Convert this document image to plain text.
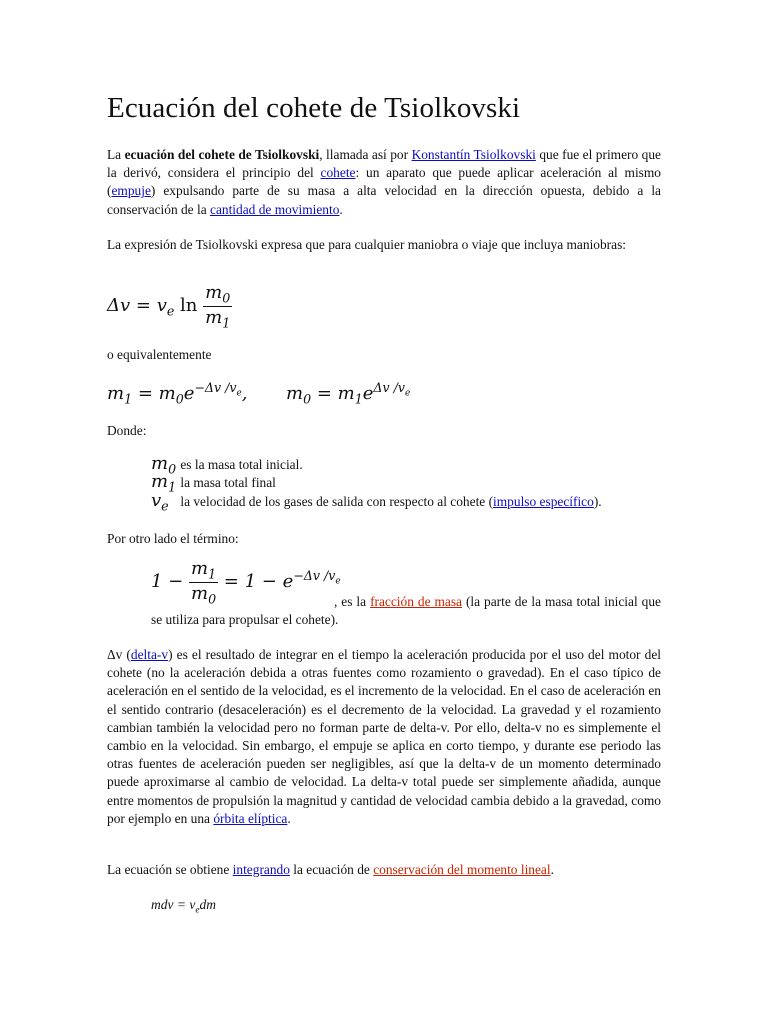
Ecuación del cohete de Tsiolkovski

La ecuación del cohete de Tsiolkovski, llamada así por Konstantín Tsiolkovski que fue el primero que la derivó, considera el principio del cohete: un aparato que puede aplicar aceleración al mismo (empuje) expulsando parte de su masa a alta velocidad en la dirección opuesta, debido a la conservación de la cantidad de movimiento.

La expresión de Tsiolkovski expresa que para cualquier maniobra o viaje que incluya maniobras:

$\Delta v = v_e$ $\ln \frac{m_0}{m_1}$

o equivalentemente

$m_1 = m_0e^{-\Delta v /v_e}$, $m_0 = m_1e^{\Delta v /v_e}$

Donde:

$m_0$ es la masa total inicial.
$m_1$ la masa total final
$v_e$ la velocidad de los gases de salida con respecto al cohete (impulso específico).

Por otro lado el término:

$1 - \frac{m_1}{m_0} = 1 - e^{-\Delta v /v_e}$

, es la fracción de masa (la parte de la masa total inicial que se utiliza para propulsar el cohete).

Δv (delta-v) es el resultado de integrar en el tiempo la aceleración producida por el uso del motor del cohete (no la aceleración debida a otras fuentes como rozamiento o gravedad). En el caso típico de aceleración en el sentido de la velocidad, es el incremento de la velocidad. En el caso de aceleración en el sentido contrario (desaceleración) es el decremento de la velocidad. La gravedad y el rozamiento cambian también la velocidad pero no forman parte de delta-v. Por ello, delta-v no es simplemente el cambio en la velocidad. Sin embargo, el empuje se aplica en corto tiempo, y durante ese periodo las otras fuentes de aceleración pueden ser negligibles, así que la delta-v de un momento determinado puede aproximarse al cambio de velocidad. La delta-v total puede ser simplemente añadida, aunque entre momentos de propulsión la magnitud y cantidad de velocidad cambia debido a la gravedad, como por ejemplo en una órbita elíptica.

La ecuación se obtiene integrando la ecuación de conservación del momento lineal.

mdv = $v_edm$
